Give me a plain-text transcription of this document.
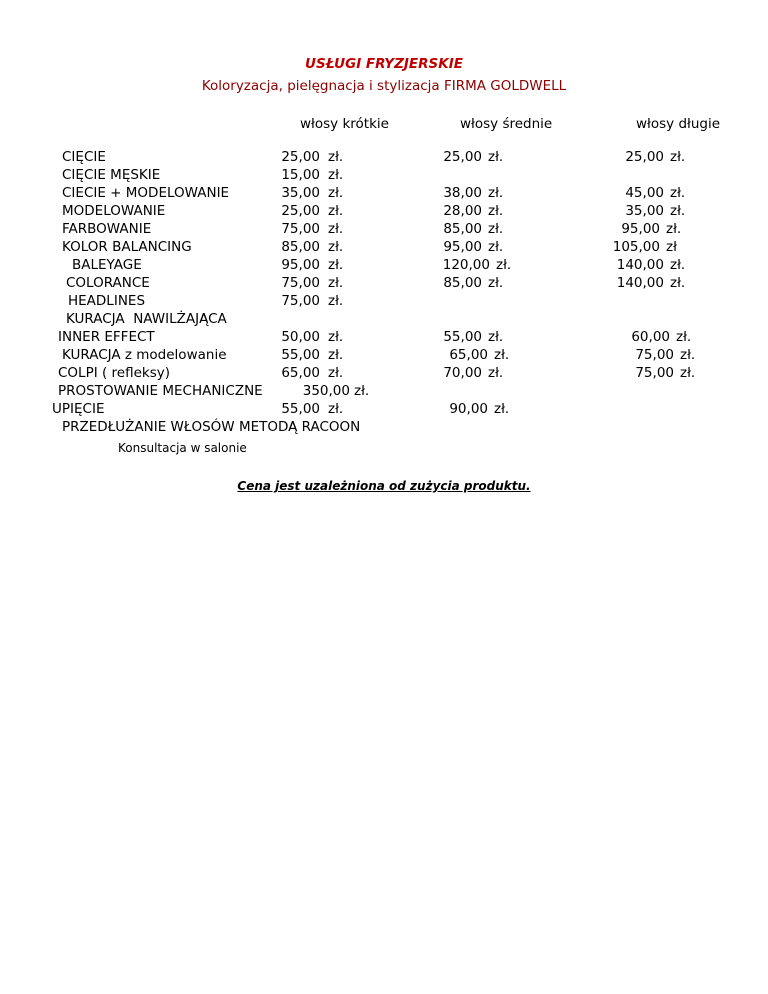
USŁUGI FRYZJERSKIE
Koloryzacja, pielęgnacja i stylizacja FIRMA GOLDWELL
włosy krótkie	włosy średnie	włosy długie
CIĘCIE	25,00 zł.	25,00 zł.	25,00 zł.
CIĘCIE MĘSKIE	15,00 zł.
CIECIE + MODELOWANIE	35,00 zł.	38,00 zł.	45,00 zł.
MODELOWANIE	25,00 zł.	28,00 zł.	35,00 zł.
FARBOWANIE	75,00 zł.	85,00 zł.	95,00 zł.
KOLOR BALANCING	85,00 zł.	95,00 zł.	105,00 zł
BALEYAGE	95,00 zł.	120,00 zł.	140,00 zł.
COLORANCE	75,00 zł.	85,00 zł.	140,00 zł.
HEADLINES	75,00 zł.
KURACJA  NAWILŻAJĄCA
INNER EFFECT	50,00 zł.	55,00 zł.	60,00 zł.
KURACJA z modelowanie	55,00 zł.	65,00 zł.	75,00 zł.
COLPI ( refleksy)	65,00 zł.	70,00 zł.	75,00 zł.
PROSTOWANIE MECHANICZNE	350,00 zł.
UPIĘCIE	55,00 zł.	90,00 zł.
PRZEDŁUŻANIE WŁOSÓW METODĄ RACOON
Konsultacja w salonie
Cena jest uzależniona od zużycia produktu.
